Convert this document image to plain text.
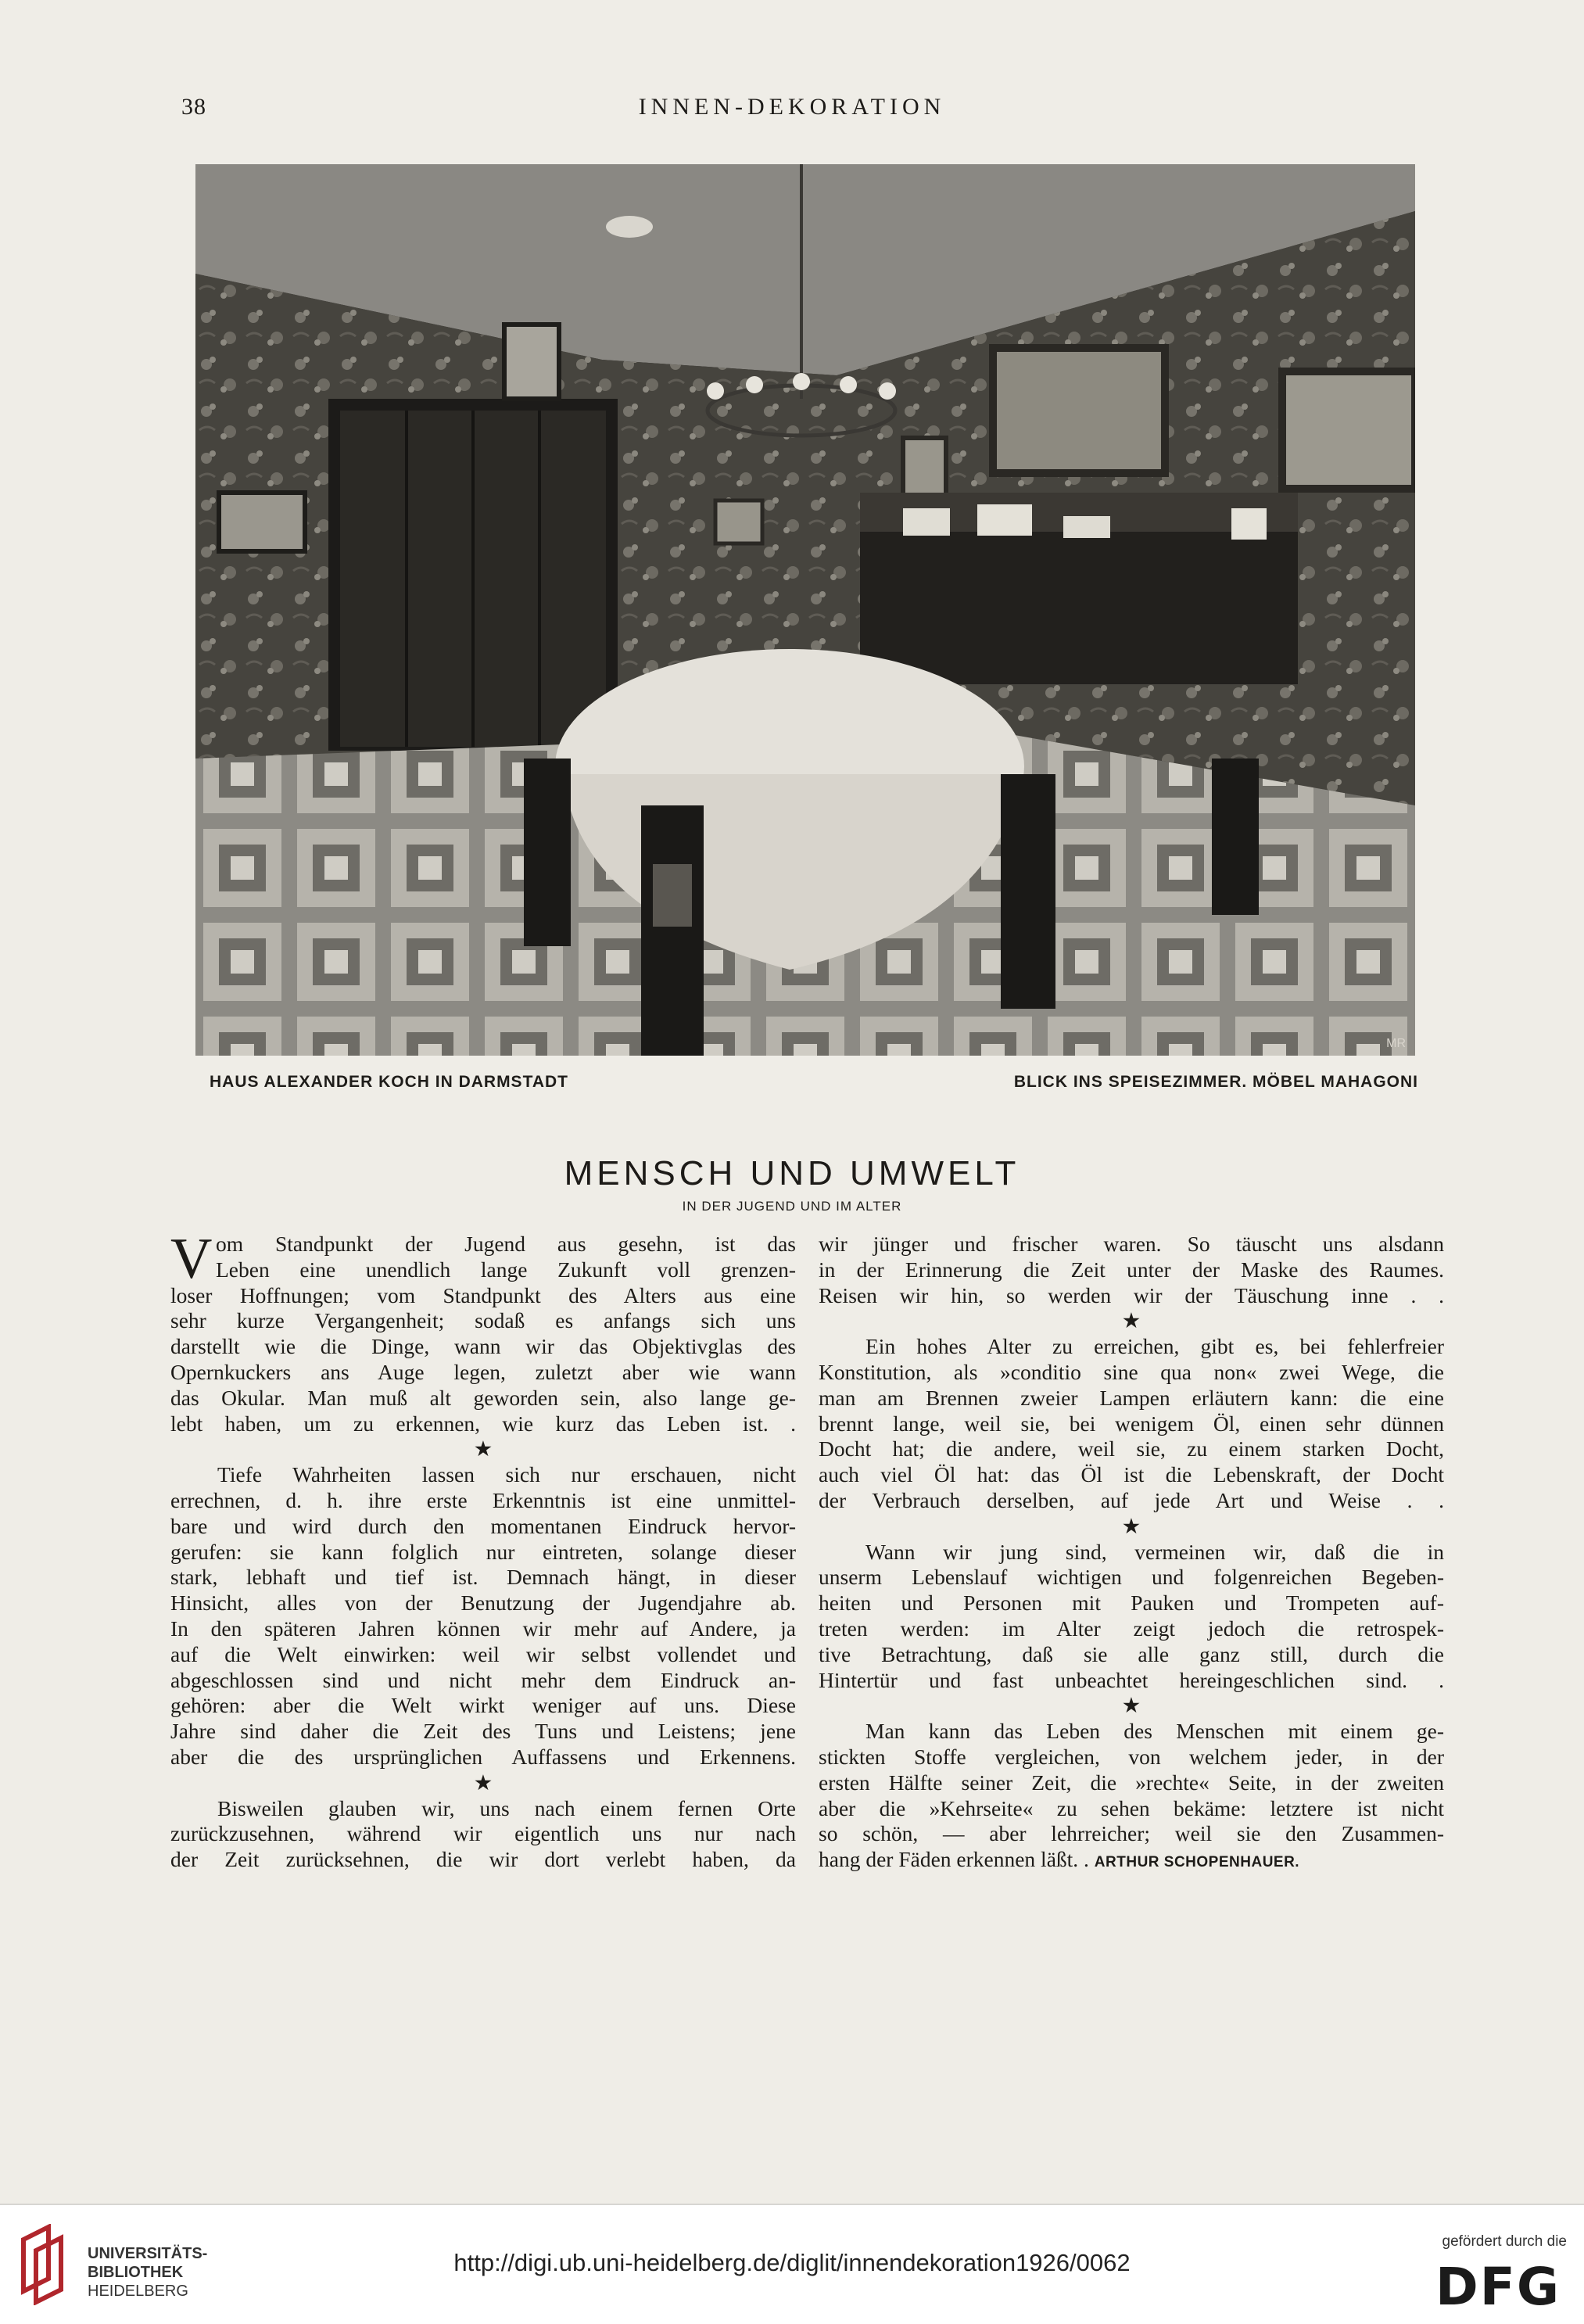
38	INNEN-DEKORATION
MR
HAUS ALEXANDER KOCH IN DARMSTADT	BLICK INS SPEISEZIMMER. MÖBEL MAHAGONI
MENSCH UND UMWELT
IN DER JUGEND UND IM ALTER
V om Standpunkt der Jugend aus gesehn, ist das
Leben eine unendlich lange Zukunft voll grenzen-
loser Hoffnungen; vom Standpunkt des Alters aus eine
sehr kurze Vergangenheit; sodaß es anfangs sich uns
darstellt wie die Dinge, wann wir das Objektivglas des
Opernkuckers ans Auge legen, zuletzt aber wie wann
das Okular. Man muß alt geworden sein, also lange ge-
lebt haben, um zu erkennen, wie kurz das Leben ist. .
★
Tiefe Wahrheiten lassen sich nur erschauen, nicht
errechnen, d. h. ihre erste Erkenntnis ist eine unmittel-
bare und wird durch den momentanen Eindruck hervor-
gerufen: sie kann folglich nur eintreten, solange dieser
stark, lebhaft und tief ist. Demnach hängt, in dieser
Hinsicht, alles von der Benutzung der Jugendjahre ab.
In den späteren Jahren können wir mehr auf Andere, ja
auf die Welt einwirken: weil wir selbst vollendet und
abgeschlossen sind und nicht mehr dem Eindruck an-
gehören: aber die Welt wirkt weniger auf uns. Diese
Jahre sind daher die Zeit des Tuns und Leistens; jene
aber die des ursprünglichen Auffassens und Erkennens.
★
Bisweilen glauben wir, uns nach einem fernen Orte
zurückzusehnen, während wir eigentlich uns nur nach
der Zeit zurücksehnen, die wir dort verlebt haben, da
wir jünger und frischer waren. So täuscht uns alsdann
in der Erinnerung die Zeit unter der Maske des Raumes.
Reisen wir hin, so werden wir der Täuschung inne . .
★
Ein hohes Alter zu erreichen, gibt es, bei fehlerfreier
Konstitution, als »conditio sine qua non« zwei Wege, die
man am Brennen zweier Lampen erläutern kann: die eine
brennt lange, weil sie, bei wenigem Öl, einen sehr dünnen
Docht hat; die andere, weil sie, zu einem starken Docht,
auch viel Öl hat: das Öl ist die Lebenskraft, der Docht
der Verbrauch derselben, auf jede Art und Weise . .
★
Wann wir jung sind, vermeinen wir, daß die in
unserm Lebenslauf wichtigen und folgenreichen Begeben-
heiten und Personen mit Pauken und Trompeten auf-
treten werden: im Alter zeigt jedoch die retrospek-
tive Betrachtung, daß sie alle ganz still, durch die
Hintertür und fast unbeachtet hereingeschlichen sind. .
★
Man kann das Leben des Menschen mit einem ge-
stickten Stoffe vergleichen, von welchem jeder, in der
ersten Hälfte seiner Zeit, die »rechte« Seite, in der zweiten
aber die »Kehrseite« zu sehen bekäme: letztere ist nicht
so schön, — aber lehrreicher; weil sie den Zusammen-
hang der Fäden erkennen läßt. . ARTHUR SCHOPENHAUER.
UNIVERSITÄTS-
BIBLIOTHEK
HEIDELBERG
gefördert durch die
DFG
http://digi.ub.uni-heidelberg.de/diglit/innendekoration1926/0062
